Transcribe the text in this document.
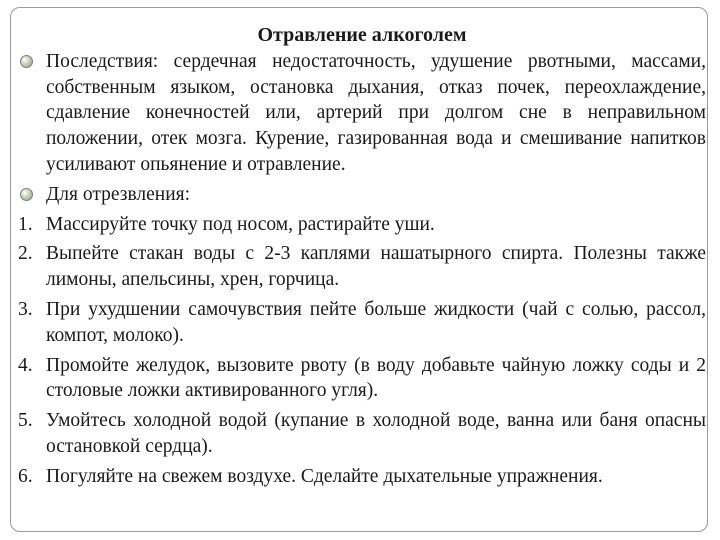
Отравление алкоголем
Последствия: сердечная недостаточность, удушение рвотными, массами, собственным языком, остановка дыхания, отказ почек, переохлаждение, сдавление конечностей или, артерий при долгом сне в неправильном положении, отек мозга. Курение, газированная вода и смешивание напитков усиливают опьянение и отравление.
Для отрезвления:
1. Массируйте точку под носом, растирайте уши.
2. Выпейте стакан воды с 2-3 каплями нашатырного спирта. Полезны также лимоны, апельсины, хрен, горчица.
3. При ухудшении самочувствия пейте больше жидкости (чай с солью, рассол, компот, молоко).
4. Промойте желудок, вызовите рвоту (в воду добавьте чайную ложку соды и 2 столовые ложки активированного угля).
5. Умойтесь холодной водой (купание в холодной воде, ванна или баня опасны остановкой сердца).
6. Погуляйте на свежем воздухе. Сделайте дыхательные упражнения.
